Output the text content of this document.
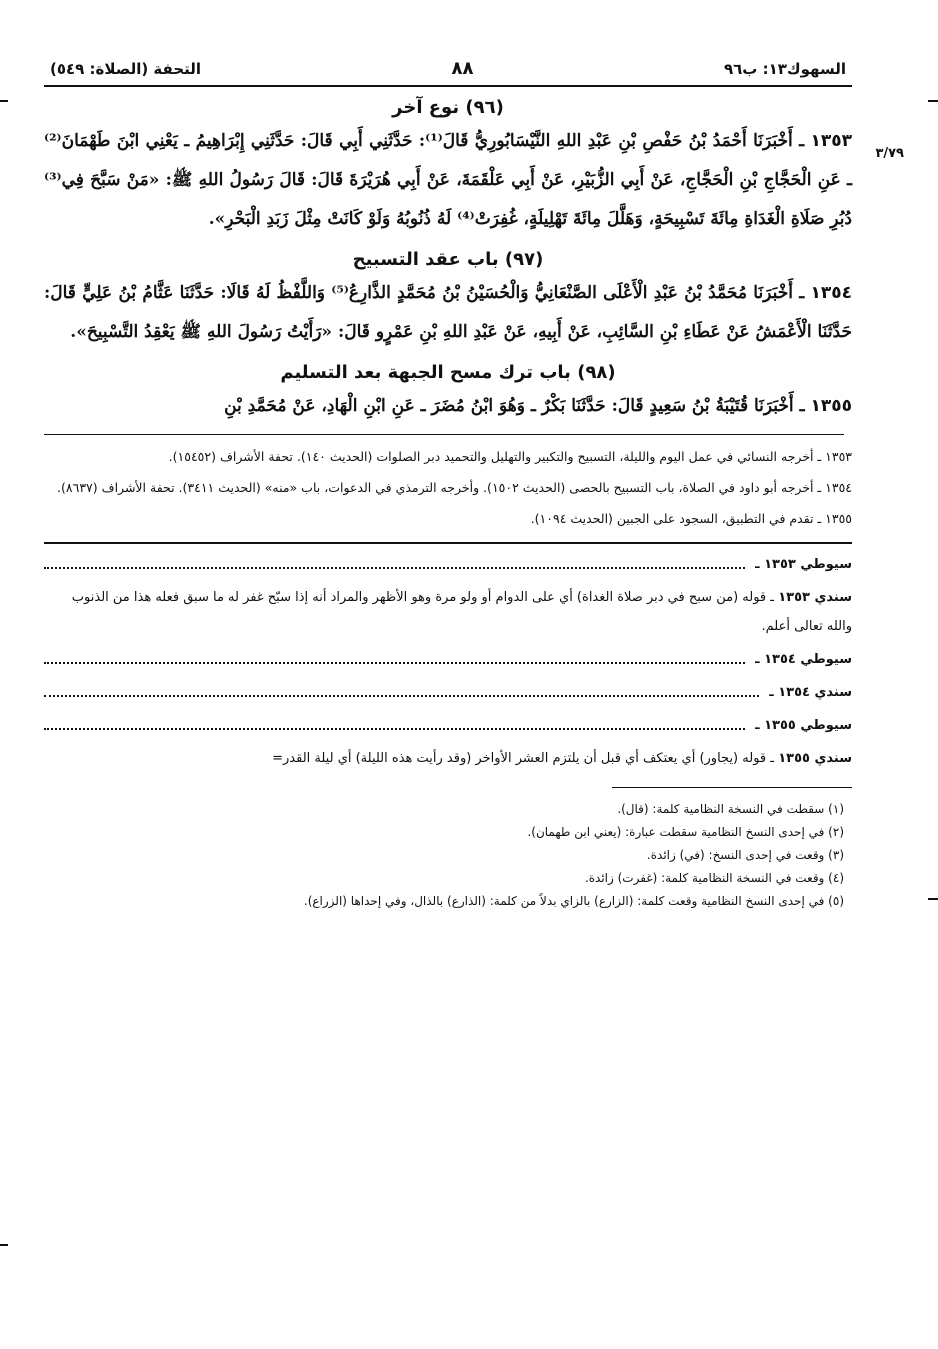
٣/٧٩
السهوك١٣: ب٩٦
٨٨
التحفة (الصلاة: ٥٤٩)
(٩٦) نوع آخر

١٣٥٣ ـ أَخْبَرَنَا أَحْمَدُ بْنُ حَفْصِ بْنِ عَبْدِ اللهِ النَّيْسَابُورِيُّ قَالَ⁽¹⁾: حَدَّثَنِي أَبِي قَالَ: حَدَّثَنِي إِبْرَاهِيمُ ـ يَعْنِي ابْنَ طَهْمَانَ⁽²⁾ ـ عَنِ الْحَجَّاجِ بْنِ الْحَجَّاجِ، عَنْ أَبِي الزُّبَيْرِ، عَنْ أَبِي عَلْقَمَةَ، عَنْ أَبِي هُرَيْرَةَ قَالَ: قَالَ رَسُولُ اللهِ ﷺ: «مَنْ سَبَّحَ فِي⁽³⁾ دُبُرِ صَلَاةِ الْغَدَاةِ مِائَةَ تَسْبِيحَةٍ، وَهَلَّلَ مِائَةَ تَهْلِيلَةٍ، غُفِرَتْ⁽⁴⁾ لَهُ ذُنُوبُهُ وَلَوْ كَانَتْ مِثْلَ زَبَدِ الْبَحْرِ».

(٩٧) باب عقد التسبيح

١٣٥٤ ـ أَخْبَرَنَا مُحَمَّدُ بْنُ عَبْدِ الْأَعْلَى الصَّنْعَانِيُّ وَالْحُسَيْنُ بْنُ مُحَمَّدٍ الذَّارِعُ⁽⁵⁾ وَاللَّفْظُ لَهُ قَالَا: حَدَّثَنَا عَثَّامُ بْنُ عَلِيٍّ قَالَ: حَدَّثَنَا الْأَعْمَشُ عَنْ عَطَاءِ بْنِ السَّائِبِ، عَنْ أَبِيهِ، عَنْ عَبْدِ اللهِ بْنِ عَمْرٍو قَالَ: «رَأَيْتُ رَسُولَ اللهِ ﷺ يَعْقِدُ التَّسْبِيحَ».

(٩٨) باب ترك مسح الجبهة بعد التسليم

١٣٥٥ ـ أَخْبَرَنَا قُتَيْبَةُ بْنُ سَعِيدٍ قَالَ: حَدَّثَنَا بَكْرٌ ـ وَهُوَ ابْنُ مُضَرَ ـ عَنِ ابْنِ الْهَادِ، عَنْ مُحَمَّدِ بْنِ

١٣٥٣ ـ أخرجه النسائي في عمل اليوم والليلة، التسبيح والتكبير والتهليل والتحميد دبر الصلوات (الحديث ١٤٠). تحفة الأشراف (١٥٤٥٢).

١٣٥٤ ـ أخرجه أبو داود في الصلاة، باب التسبيح بالحصى (الحديث ١٥٠٢). وأخرجه الترمذي في الدعوات، باب «منه» (الحديث ٣٤١١). تحفة الأشراف (٨٦٣٧).

١٣٥٥ ـ تقدم في التطبيق، السجود على الجبين (الحديث ١٠٩٤).

سيوطي ١٣٥٣ ـ

سندي ١٣٥٣ ـ قوله (من سبح في دبر صلاة الغداة) أي على الدوام أو ولو مرة وهو الأظهر والمراد أنه إذا سبّح غفر له ما سبق فعله هذا من الذنوب والله تعالى أعلم.

سيوطي ١٣٥٤ ـ
سندي ١٣٥٤ ـ
سيوطي ١٣٥٥ ـ

سندي ١٣٥٥ ـ قوله (يجاور) أي يعتكف أي قبل أن يلتزم العشر الأواخر (وقد رأيت هذه الليلة) أي ليلة القدر=

(١) سقطت في النسخة النظامية كلمة: (قال).

(٢) في إحدى النسخ النظامية سقطت عبارة: (يعني ابن طهمان).

(٣) وقعت في إحدى النسخ: (في) زائدة.

(٤) وقعت في النسخة النظامية كلمة: (غفرت) زائدة.

(٥) في إحدى النسخ النظامية وقعت كلمة: (الزارع) بالزاي بدلاً من كلمة: (الذارع) بالذال، وفي إحداها (الزراع).
